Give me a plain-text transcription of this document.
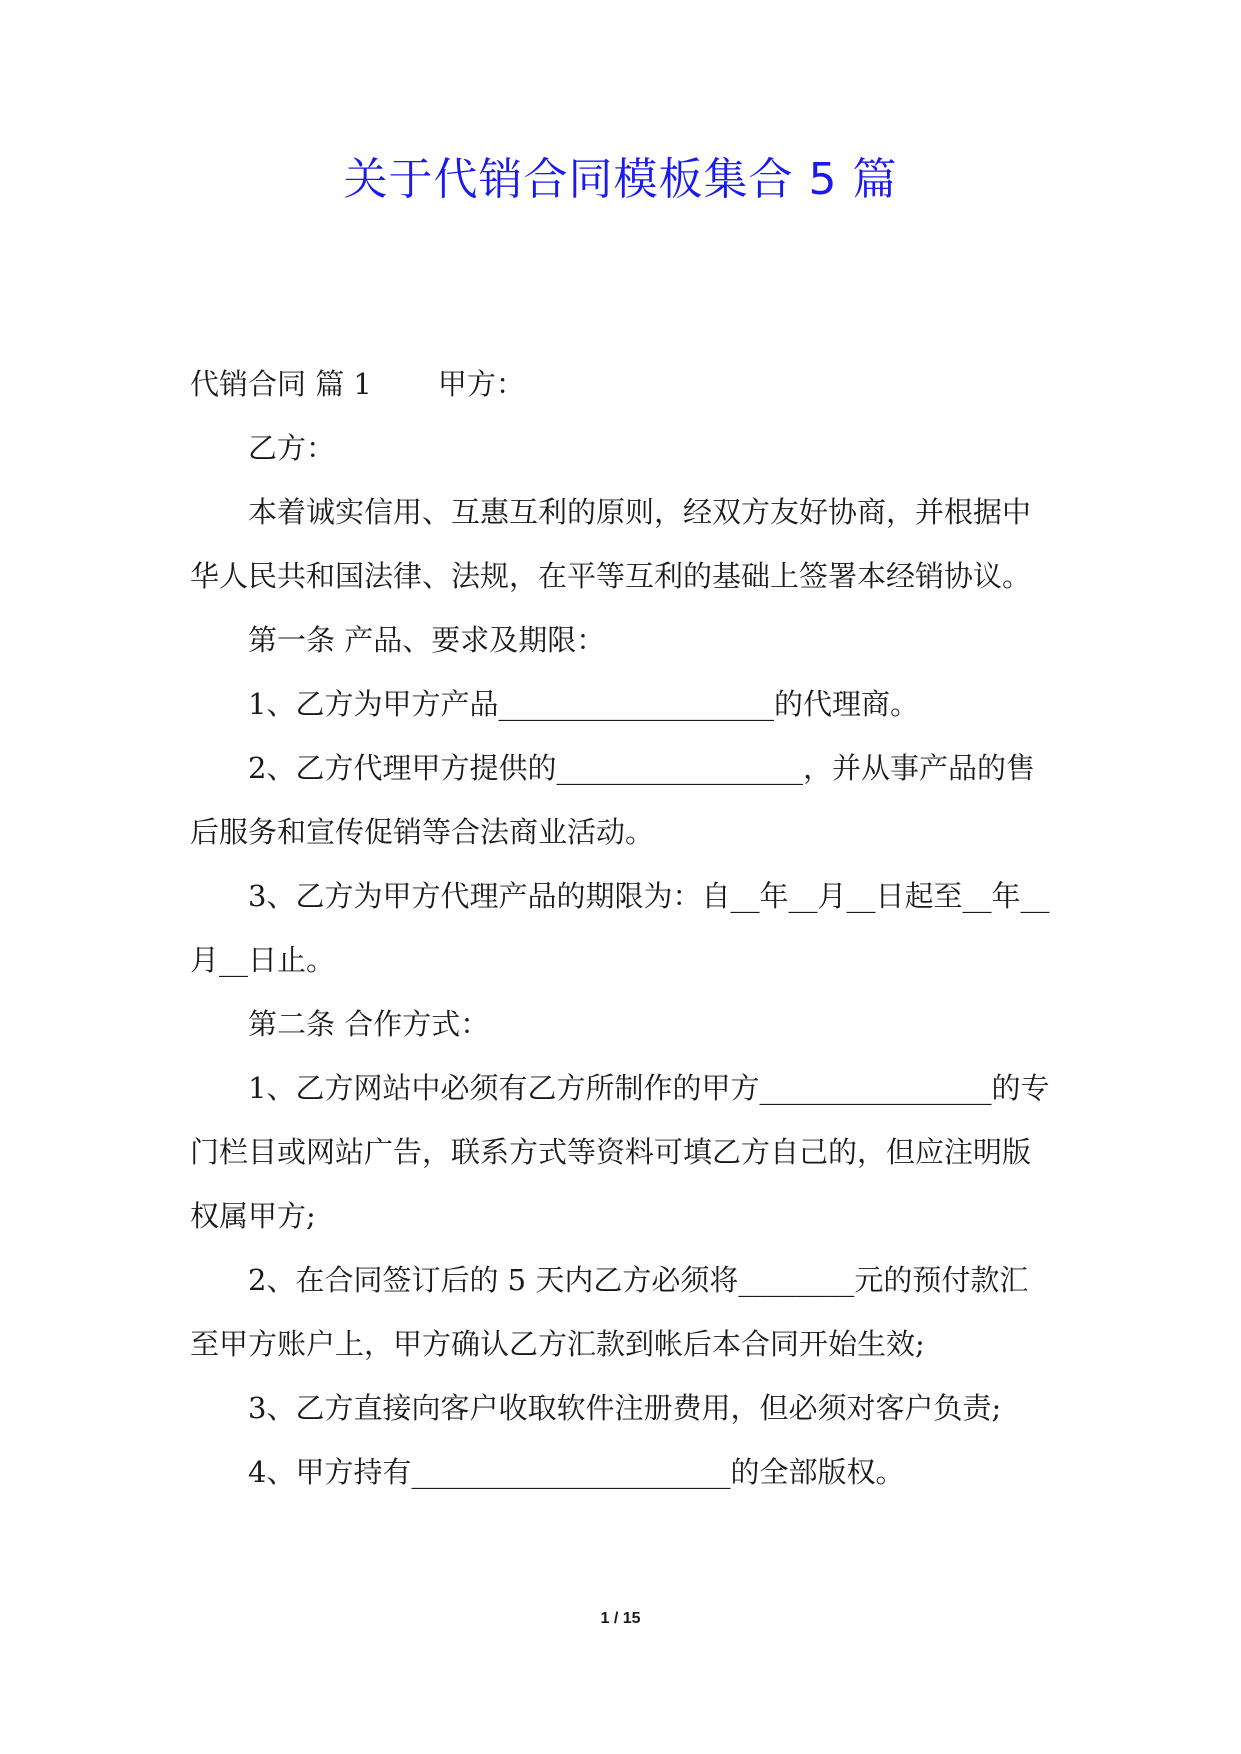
关于代销合同模板集合 5 篇

代销合同 篇 1 甲方：

乙方：

本着诚实信用、互惠互利的原则，经双方友好协商，并根据中华人民共和国法律、法规，在平等互利的基础上签署本经销协议。

第一条 产品、要求及期限：

1、乙方为甲方产品___________________的代理商。

2、乙方代理甲方提供的_________________，并从事产品的售后服务和宣传促销等合法商业活动。

3、乙方为甲方代理产品的期限为：自__年__月__日起至__年__月__日止。

第二条 合作方式：

1、乙方网站中必须有乙方所制作的甲方________________的专门栏目或网站广告，联系方式等资料可填乙方自己的，但应注明版权属甲方;

2、在合同签订后的 5 天内乙方必须将________元的预付款汇至甲方账户上，甲方确认乙方汇款到帐后本合同开始生效;

3、乙方直接向客户收取软件注册费用，但必须对客户负责;

4、甲方持有______________________的全部版权。

1 / 15
